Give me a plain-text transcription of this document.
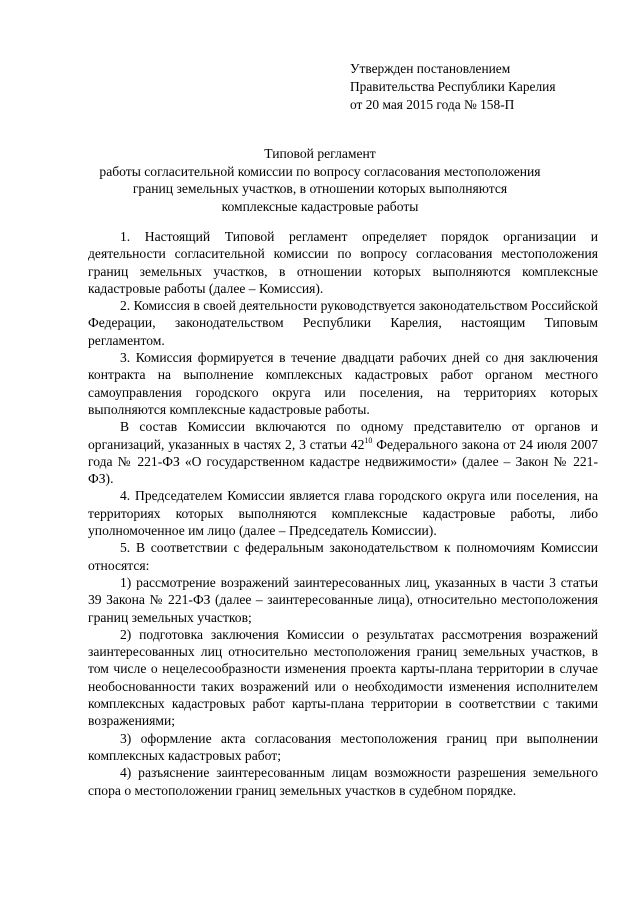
Утвержден постановлением
Правительства Республики Карелия
от 20 мая 2015 года № 158-П
Типовой регламент
работы согласительной комиссии по вопросу согласования местоположения
границ земельных участков, в отношении которых выполняются
комплексные кадастровые работы

1. Настоящий Типовой регламент определяет порядок организации и деятельности согласительной комиссии по вопросу согласования местоположения границ земельных участков, в отношении которых выполняются комплексные кадастровые работы (далее – Комиссия).

2. Комиссия в своей деятельности руководствуется законодательством Российской Федерации, законодательством Республики Карелия, настоящим Типовым регламентом.

3. Комиссия формируется в течение двадцати рабочих дней со дня заключения контракта на выполнение комплексных кадастровых работ органом местного самоуправления городского округа или поселения, на территориях которых выполняются комплексные кадастровые работы.

В состав Комиссии включаются по одному представителю от органов и организаций, указанных в частях 2, 3 статьи $42^{10}$ Федерального закона от 24 июля 2007 года № 221-ФЗ «О государственном кадастре недвижимости» (далее – Закон № 221-ФЗ).

4. Председателем Комиссии является глава городского округа или поселения, на территориях которых выполняются комплексные кадастровые работы, либо уполномоченное им лицо (далее – Председатель Комиссии).

5. В соответствии с федеральным законодательством к полномочиям Комиссии относятся:

1) рассмотрение возражений заинтересованных лиц, указанных в части 3 статьи 39 Закона № 221-ФЗ (далее – заинтересованные лица), относительно местоположения границ земельных участков;

2) подготовка заключения Комиссии о результатах рассмотрения возражений заинтересованных лиц относительно местоположения границ земельных участков, в том числе о нецелесообразности изменения проекта карты-плана территории в случае необоснованности таких возражений или о необходимости изменения исполнителем комплексных кадастровых работ карты-плана территории в соответствии с такими возражениями;

3) оформление акта согласования местоположения границ при выполнении комплексных кадастровых работ;

4) разъяснение заинтересованным лицам возможности разрешения земельного спора о местоположении границ земельных участков в судебном порядке.
